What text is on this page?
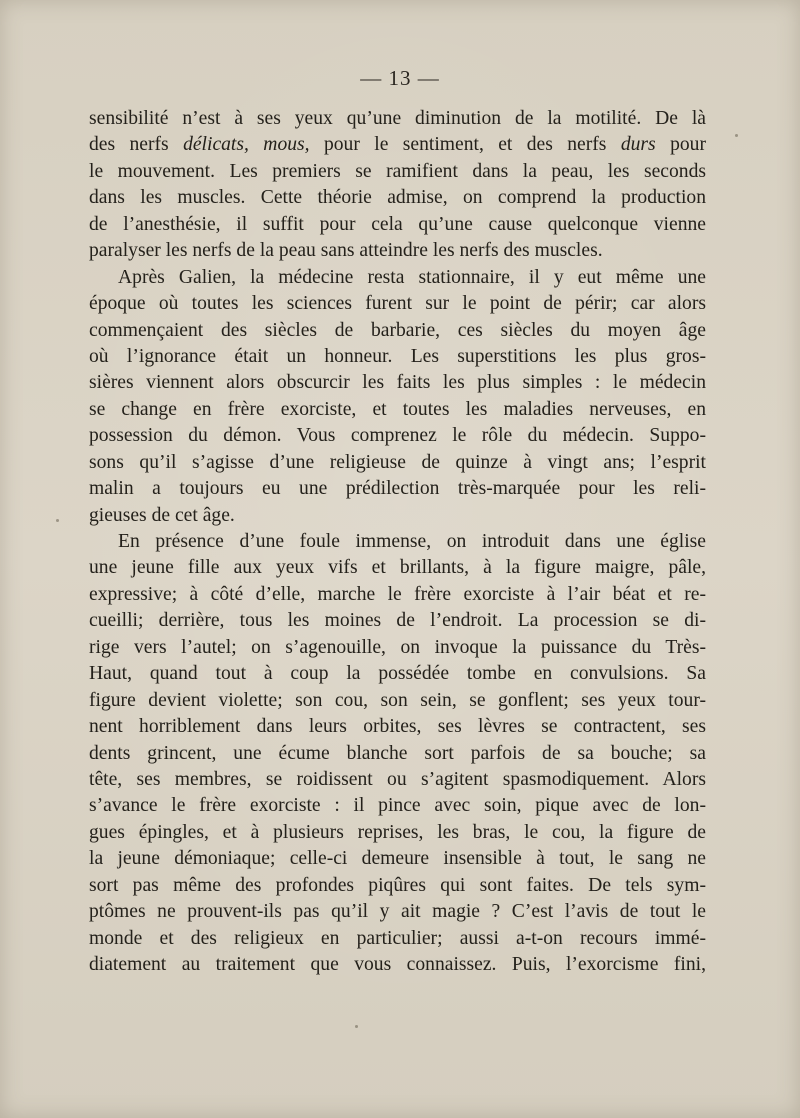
— 13 —
sensibilité n’est à ses yeux qu’une diminution de la motilité. De là
des nerfs délicats, mous, pour le sentiment, et des nerfs durs pour
le mouvement. Les premiers se ramifient dans la peau, les seconds
dans les muscles. Cette théorie admise, on comprend la production
de l’anesthésie, il suffit pour cela qu’une cause quelconque vienne
paralyser les nerfs de la peau sans atteindre les nerfs des muscles.
Après Galien, la médecine resta stationnaire, il y eut même une
époque où toutes les sciences furent sur le point de périr; car alors
commençaient des siècles de barbarie, ces siècles du moyen âge
où l’ignorance était un honneur. Les superstitions les plus gros-
sières viennent alors obscurcir les faits les plus simples : le médecin
se change en frère exorciste, et toutes les maladies nerveuses, en
possession du démon. Vous comprenez le rôle du médecin. Suppo-
sons qu’il s’agisse d’une religieuse de quinze à vingt ans; l’esprit
malin a toujours eu une prédilection très-marquée pour les reli-
gieuses de cet âge.
En présence d’une foule immense, on introduit dans une église
une jeune fille aux yeux vifs et brillants, à la figure maigre, pâle,
expressive; à côté d’elle, marche le frère exorciste à l’air béat et re-
cueilli; derrière, tous les moines de l’endroit. La procession se di-
rige vers l’autel; on s’agenouille, on invoque la puissance du Très-
Haut, quand tout à coup la possédée tombe en convulsions. Sa
figure devient violette; son cou, son sein, se gonflent; ses yeux tour-
nent horriblement dans leurs orbites, ses lèvres se contractent, ses
dents grincent, une écume blanche sort parfois de sa bouche; sa
tête, ses membres, se roidissent ou s’agitent spasmodiquement. Alors
s’avance le frère exorciste : il pince avec soin, pique avec de lon-
gues épingles, et à plusieurs reprises, les bras, le cou, la figure de
la jeune démoniaque; celle-ci demeure insensible à tout, le sang ne
sort pas même des profondes piqûres qui sont faites. De tels sym-
ptômes ne prouvent-ils pas qu’il y ait magie ? C’est l’avis de tout le
monde et des religieux en particulier; aussi a-t-on recours immé-
diatement au traitement que vous connaissez. Puis, l’exorcisme fini,
